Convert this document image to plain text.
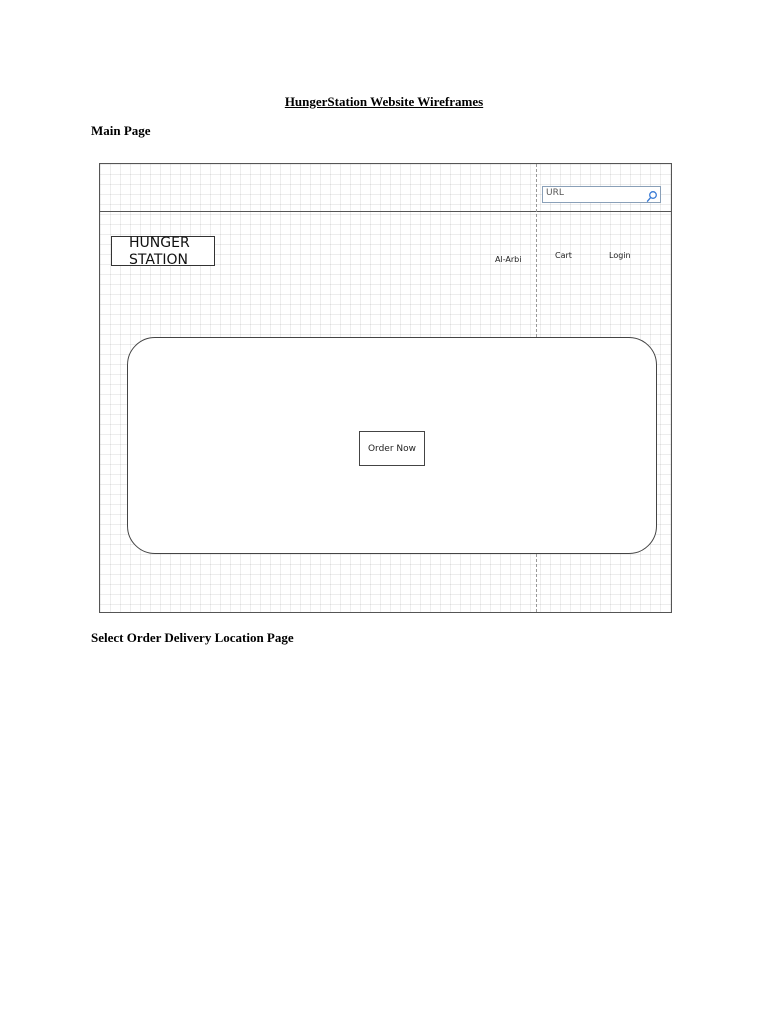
HungerStation Website Wireframes
Main Page
URL
HUNGER
STATION	Al-Arbi	Cart	Login
Order Now
Select Order Delivery Location Page
